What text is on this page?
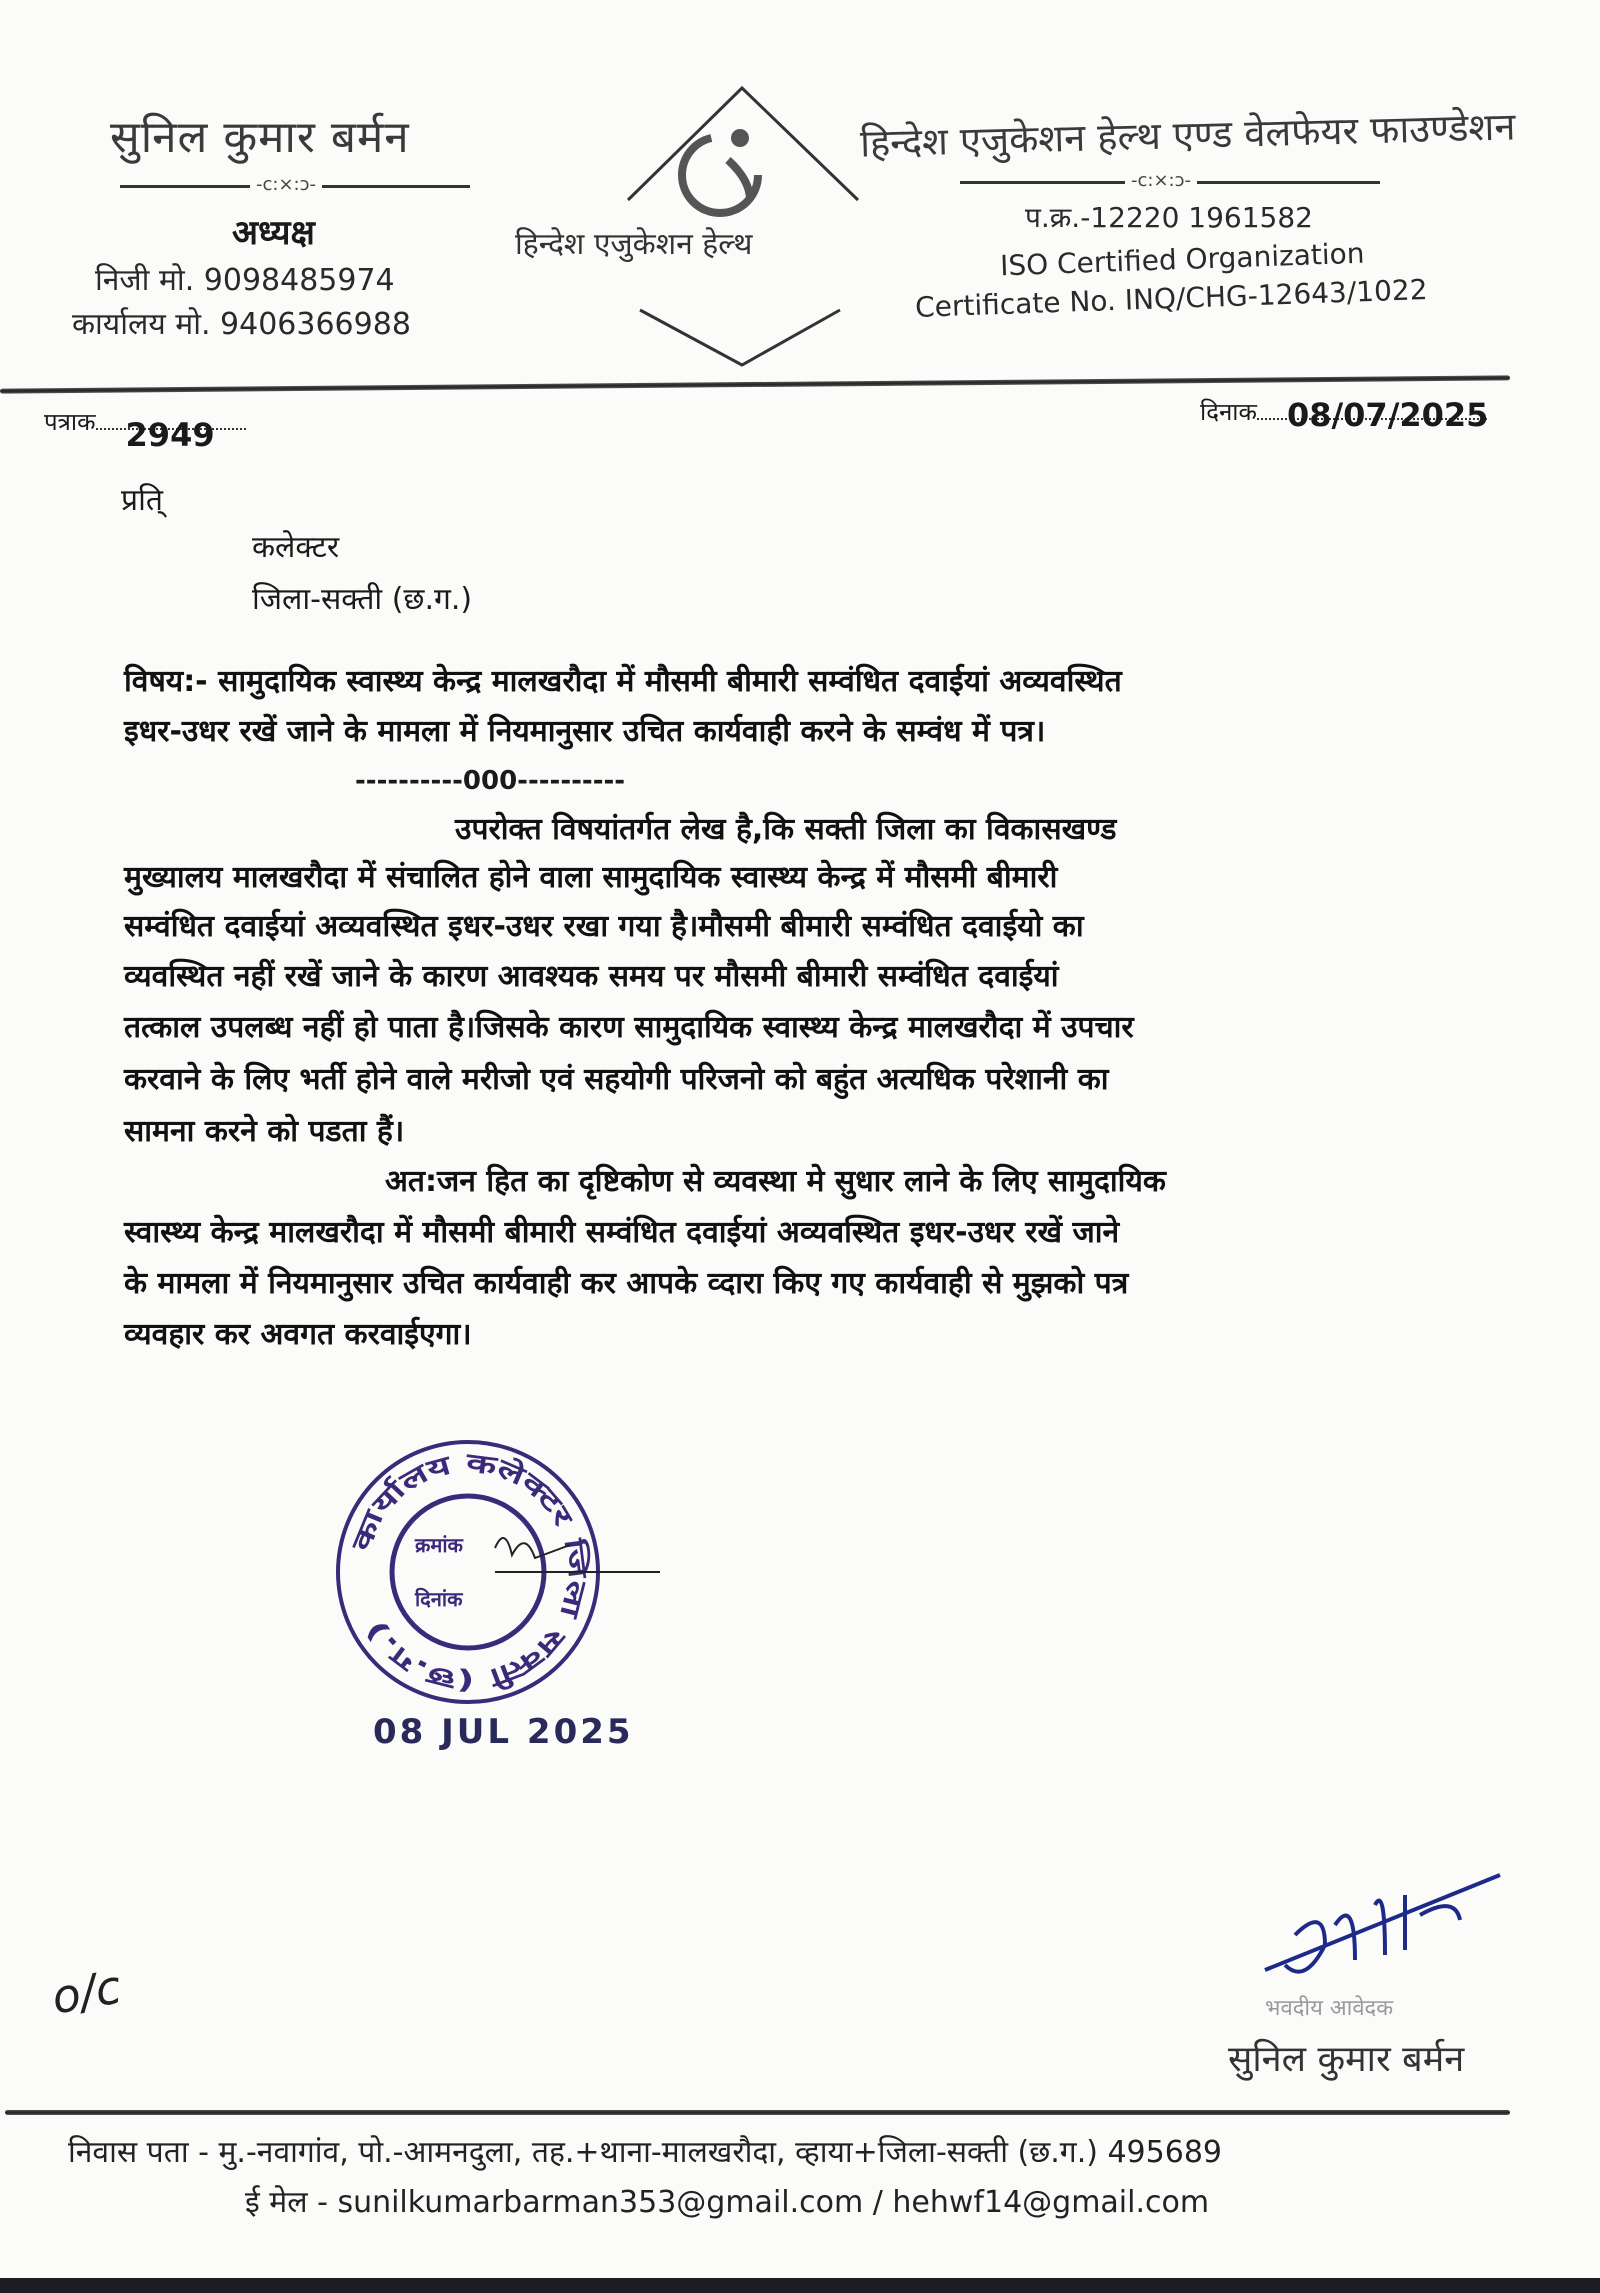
सुनिल कुमार बर्मन
-c:×:ɔ-
अध्यक्ष
निजी मो. 9098485974
कार्यालय मो. 9406366988
हिन्देश एजुकेशन हेल्थ
हिन्देश एजुकेशन हेल्थ एण्ड वेलफेयर फाउण्डेशन
-c:×:ɔ-
प.क्र.-12220 1961582
ISO Certified Organization
Certificate No. INQ/CHG-12643/1022
पत्राक 2949
दिनाक 08/07/2025
प्रति्
कलेक्टर
जिला-सक्ती (छ.ग.)
विषय:- सामुदायिक स्वास्थ्य केन्द्र मालखरौदा में मौसमी बीमारी सम्वंधित दवाईयां अव्यवस्थित
इधर-उधर रखें जाने के मामला में नियमानुसार उचित कार्यवाही करने के सम्वंध में पत्र।
----------000----------
उपरोक्त विषयांतर्गत लेख है,कि सक्ती जिला का विकासखण्ड
मुख्यालय मालखरौदा में संचालित होने वाला सामुदायिक स्वास्थ्य केन्द्र में मौसमी बीमारी
सम्वंधित दवाईयां अव्यवस्थित इधर-उधर रखा गया है।मौसमी बीमारी सम्वंधित दवाईयो का
व्यवस्थित नहीं रखें जाने के कारण आवश्यक समय पर मौसमी बीमारी सम्वंधित दवाईयां
तत्काल उपलब्ध नहीं हो पाता है।जिसके कारण सामुदायिक स्वास्थ्य केन्द्र मालखरौदा में उपचार
करवाने के लिए भर्ती होने वाले मरीजो एवं सहयोगी परिजनो को बहुंत अत्यधिक परेशानी का
सामना करने को पडता हैं।
अत:जन हित का दृष्टिकोण से व्यवस्था मे सुधार लाने के लिए सामुदायिक
स्वास्थ्य केन्द्र मालखरौदा में मौसमी बीमारी सम्वंधित दवाईयां अव्यवस्थित इधर-उधर रखें जाने
के मामला में नियमानुसार उचित कार्यवाही कर आपके व्दारा किए गए कार्यवाही से मुझको पत्र
व्यवहार कर अवगत करवाईएगा।
कार्यालय कलेक्टर जिला सक्ती (छ.ग.)
क्रमांक
दिनांक
08 JUL 2025
o/c	भवदीय आवेदक
सुनिल कुमार बर्मन
निवास पता - मु.-नवागांव, पो.-आमनदुला, तह.+थाना-मालखरौदा, व्हाया+जिला-सक्ती (छ.ग.) 495689
ई मेल - sunilkumarbarman353@gmail.com / hehwf14@gmail.com
